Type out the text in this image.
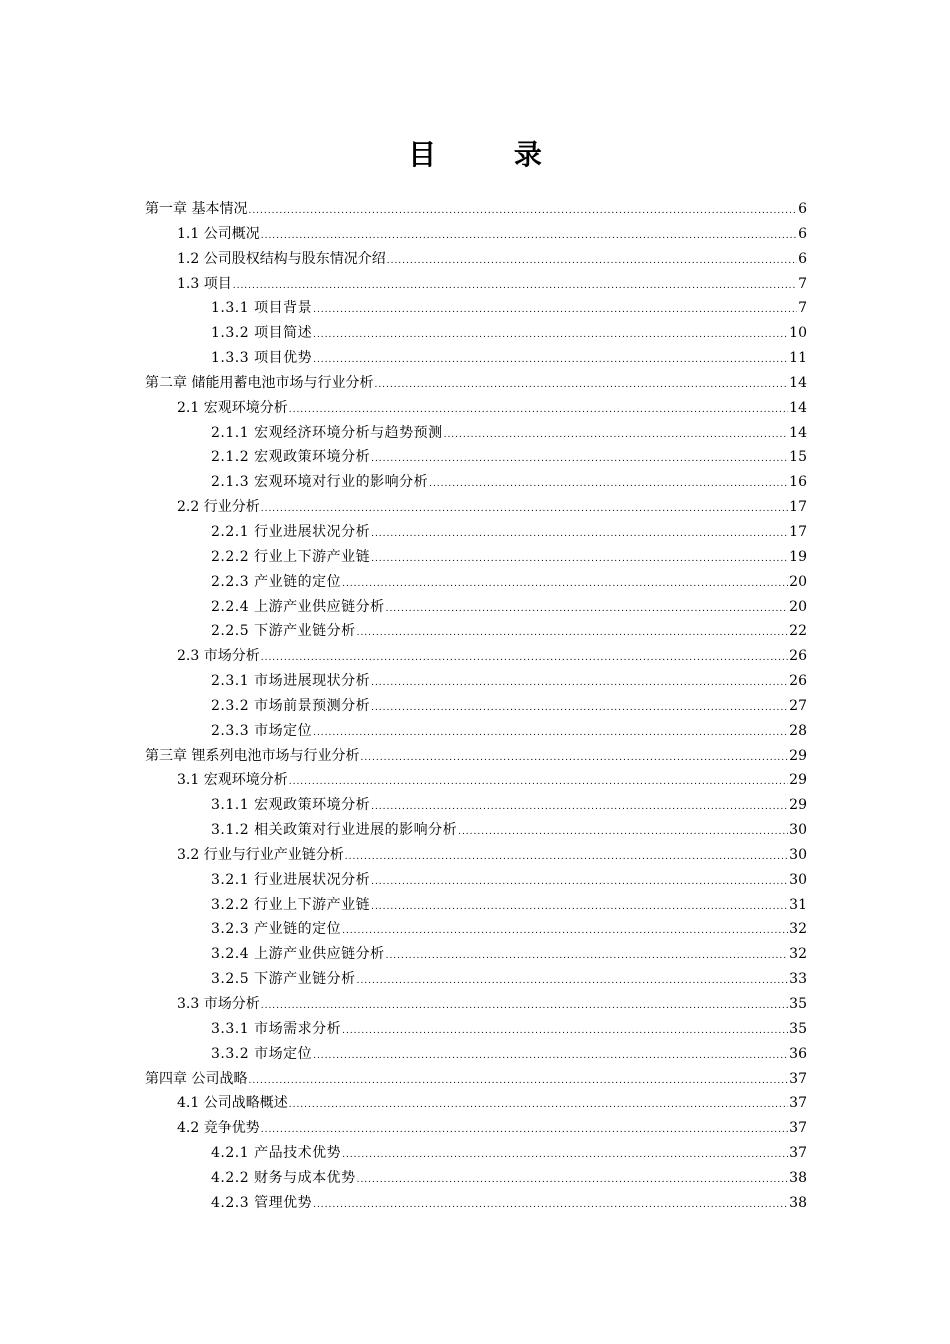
目 录
第一章 基本情况 .....	6
1.1 公司概况 .....	6
1.2 公司股权结构与股东情况介绍 .....	6
1.3 项目 .....	7
1.3.1 项目背景 .....	7
1.3.2 项目简述 .....	10
1.3.3 项目优势 .....	11
第二章 储能用蓄电池市场与行业分析 .....	14
2.1 宏观环境分析 .....	14
2.1.1 宏观经济环境分析与趋势预测 .....	14
2.1.2 宏观政策环境分析 .....	15
2.1.3 宏观环境对行业的影响分析 .....	16
2.2 行业分析 .....	17
2.2.1 行业进展状况分析 .....	17
2.2.2 行业上下游产业链 .....	19
2.2.3 产业链的定位 .....	20
2.2.4 上游产业供应链分析 .....	20
2.2.5 下游产业链分析 .....	22
2.3 市场分析 .....	26
2.3.1 市场进展现状分析 .....	26
2.3.2 市场前景预测分析 .....	27
2.3.3 市场定位 .....	28
第三章 锂系列电池市场与行业分析 .....	29
3.1 宏观环境分析 .....	29
3.1.1 宏观政策环境分析 .....	29
3.1.2 相关政策对行业进展的影响分析 .....	30
3.2 行业与行业产业链分析 .....	30
3.2.1 行业进展状况分析 .....	30
3.2.2 行业上下游产业链 .....	31
3.2.3 产业链的定位 .....	32
3.2.4 上游产业供应链分析 .....	32
3.2.5 下游产业链分析 .....	33
3.3 市场分析 .....	35
3.3.1 市场需求分析 .....	35
3.3.2 市场定位 .....	36
第四章 公司战略 .....	37
4.1 公司战略概述 .....	37
4.2 竞争优势 .....	37
4.2.1 产品技术优势 .....	37
4.2.2 财务与成本优势 .....	38
4.2.3 管理优势 .....	38
